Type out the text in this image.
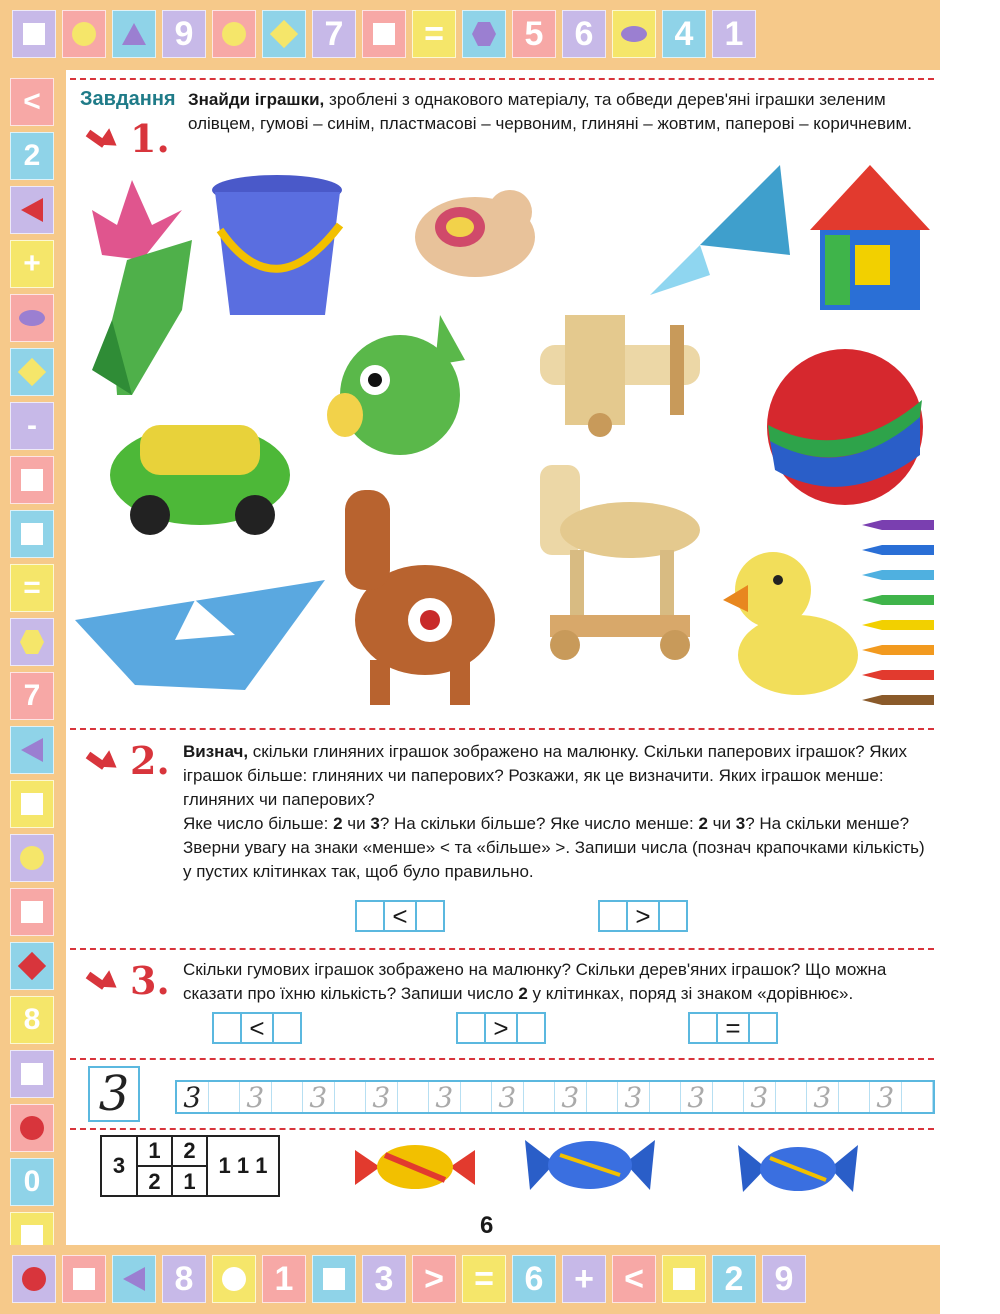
9	7	=	5 6	4 1
<
2
+
-
=
7
8
0
8	1	3 > = 6 + <	2 9
Завдання
1.
Знайди іграшки, зроблені з однакового матеріалу, та обведи дерев'яні іграшки зеленим олівцем, гумові – синім, пластмасові – червоним, глиняні – жовтим, паперові – коричневим.
2. Визнач, скільки глиняних іграшок зображено на малюнку. Скільки паперових іграшок? Яких іграшок більше: глиняних чи паперових? Розкажи, як це визначити. Яких іграшок менше: глиняних чи паперових?
Яке число більше: 2 чи 3? На скільки більше? Яке число менше: 2 чи 3? На скільки менше?
Зверни увагу на знаки «менше» < та «більше» >. Запиши числа (познач крапочками кількість) у пустих клітинках так, щоб було правильно.
<	>
3. Скільки гумових іграшок зображено на малюнку? Скільки дерев'яних іграшок? Що можна сказати про їхню кількість? Запиши число 2 у клітинках, поряд зі знаком «дорівнює».
<	>	=
3	3 3 3 3 3 3 3 3 3 3 3 3
3
1	2
2	1
1 1 1
6
